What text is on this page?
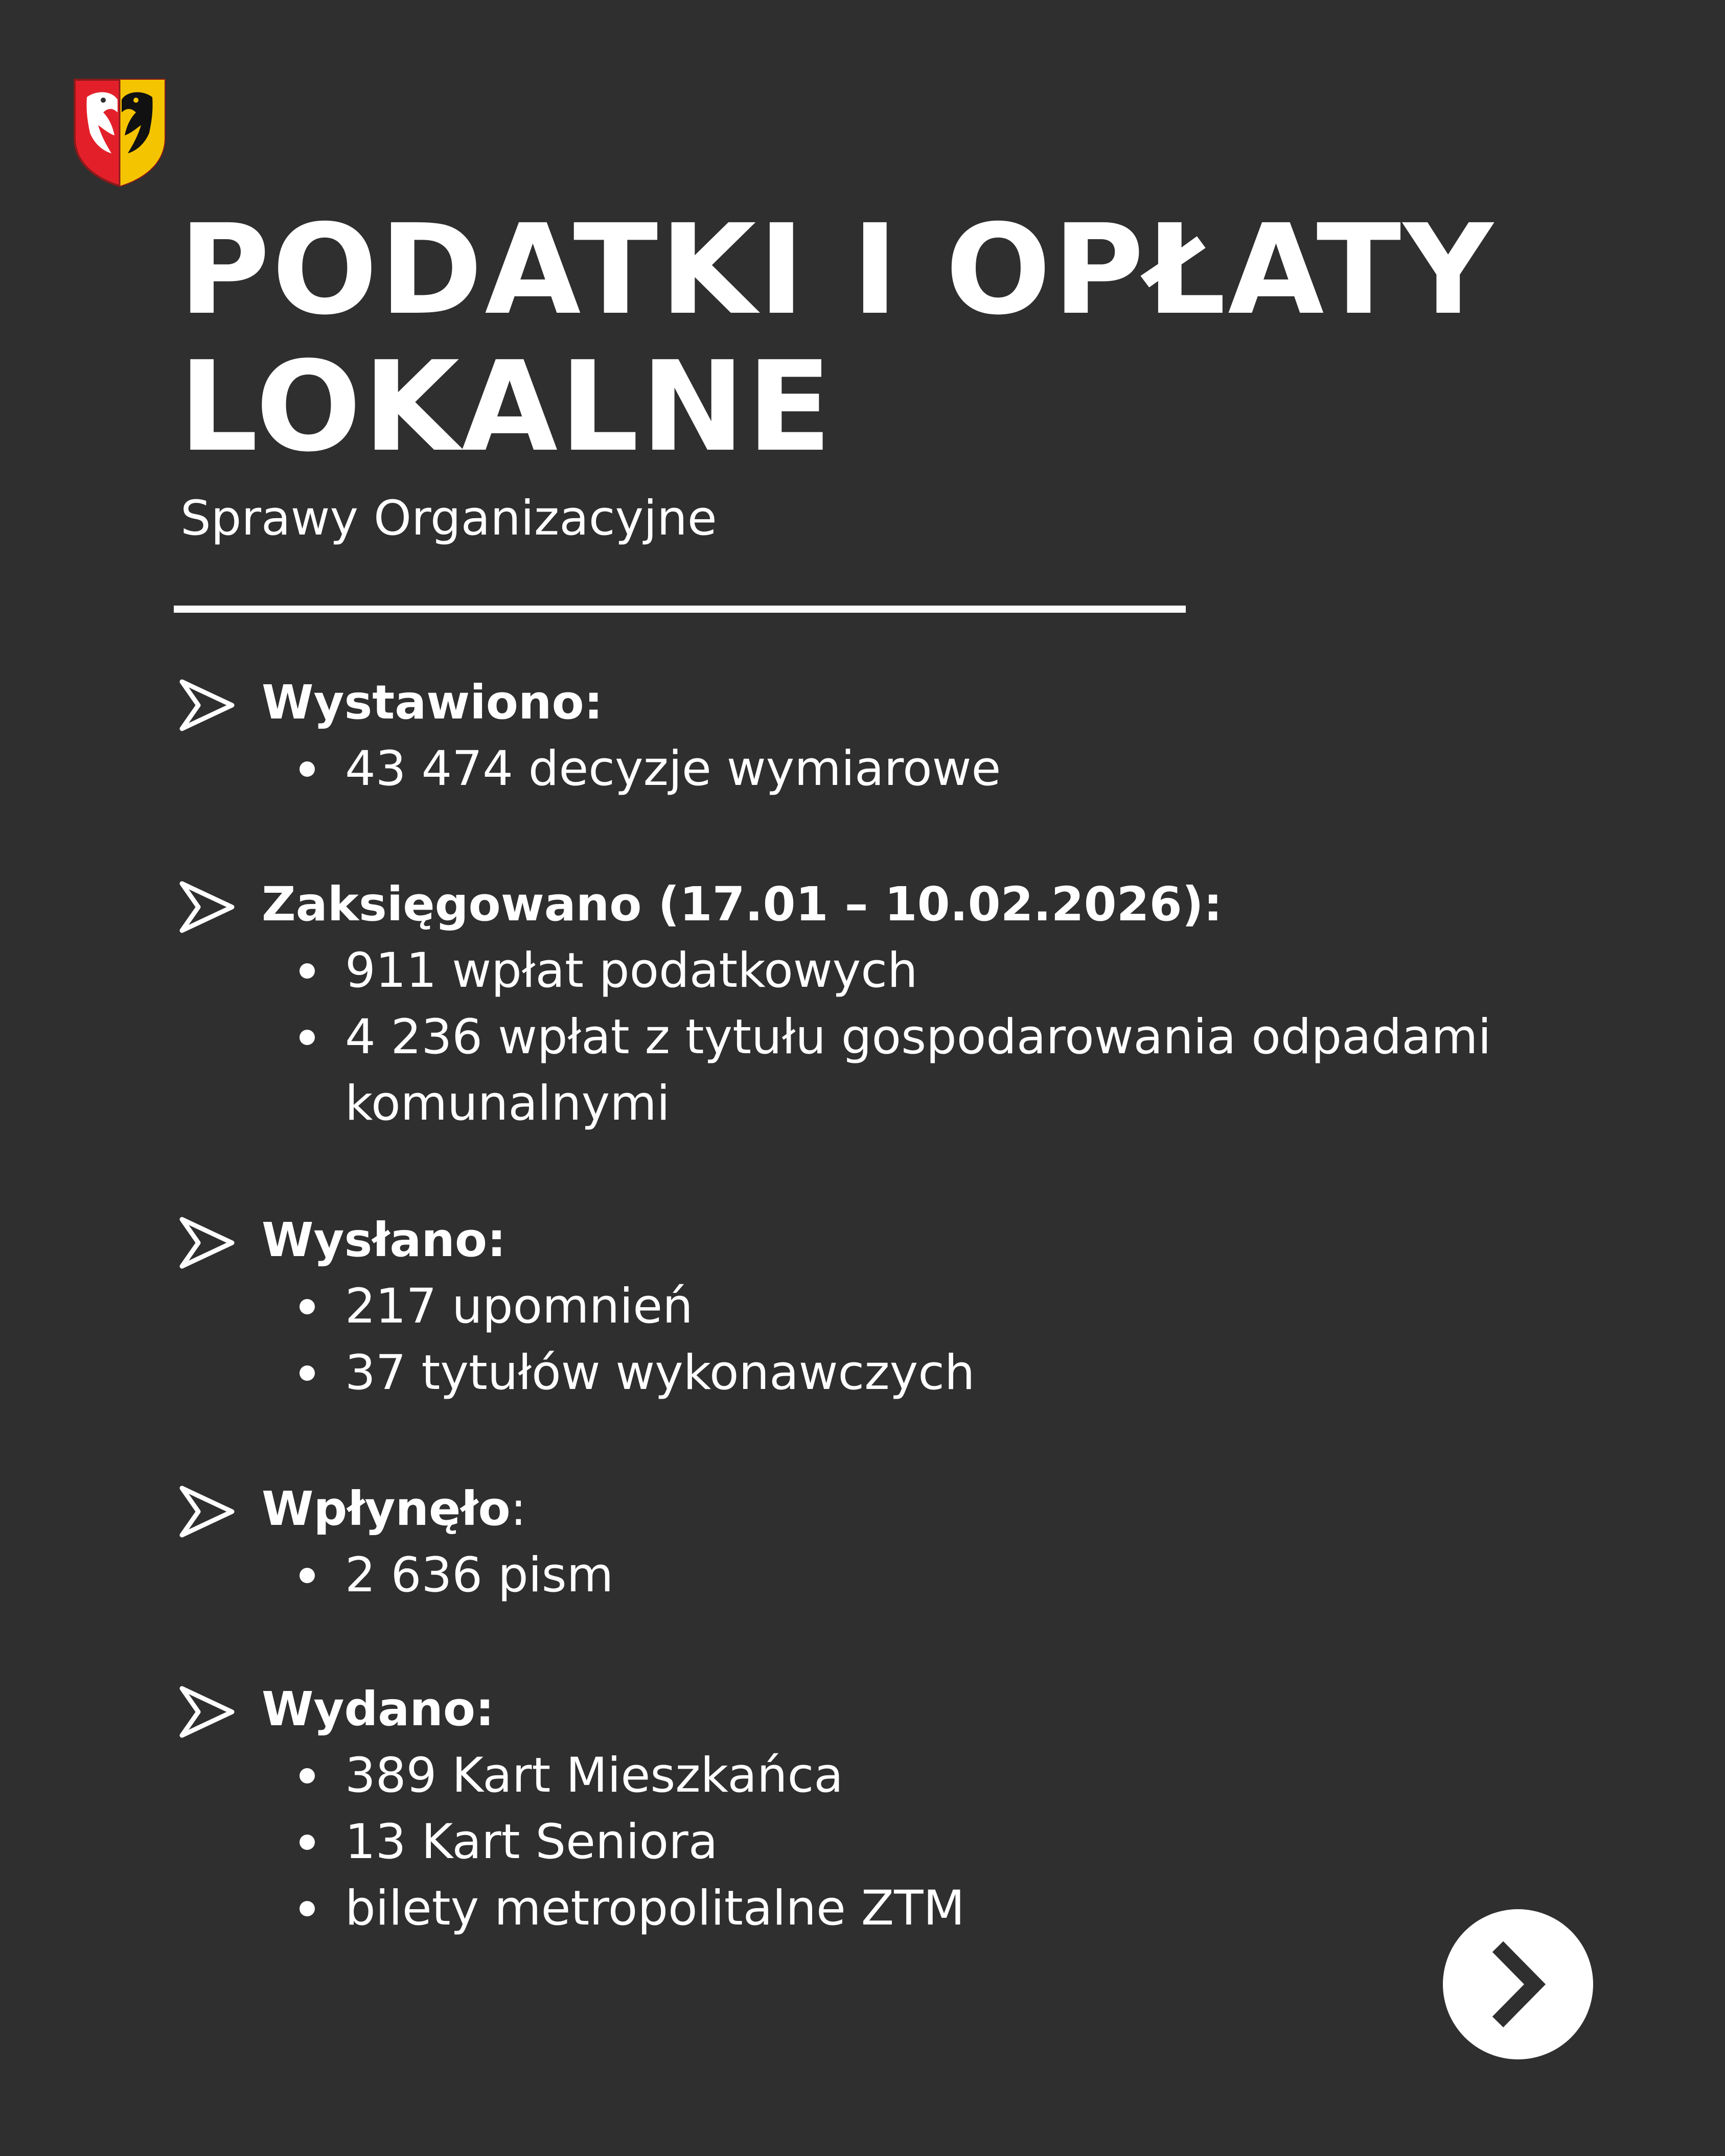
PODATKI I OPŁATY
LOKALNE
Sprawy Organizacyjne
Wystawiono:
43 474 decyzje wymiarowe
Zaksięgowano (17.01 – 10.02.2026):
911 wpłat podatkowych
4 236 wpłat z tytułu gospodarowania odpadami komunalnymi
Wysłano:
217 upomnień
37 tytułów wykonawczych
Wpłynęło:
2 636 pism
Wydano:
389 Kart Mieszkańca
13 Kart Seniora
bilety metropolitalne ZTM
